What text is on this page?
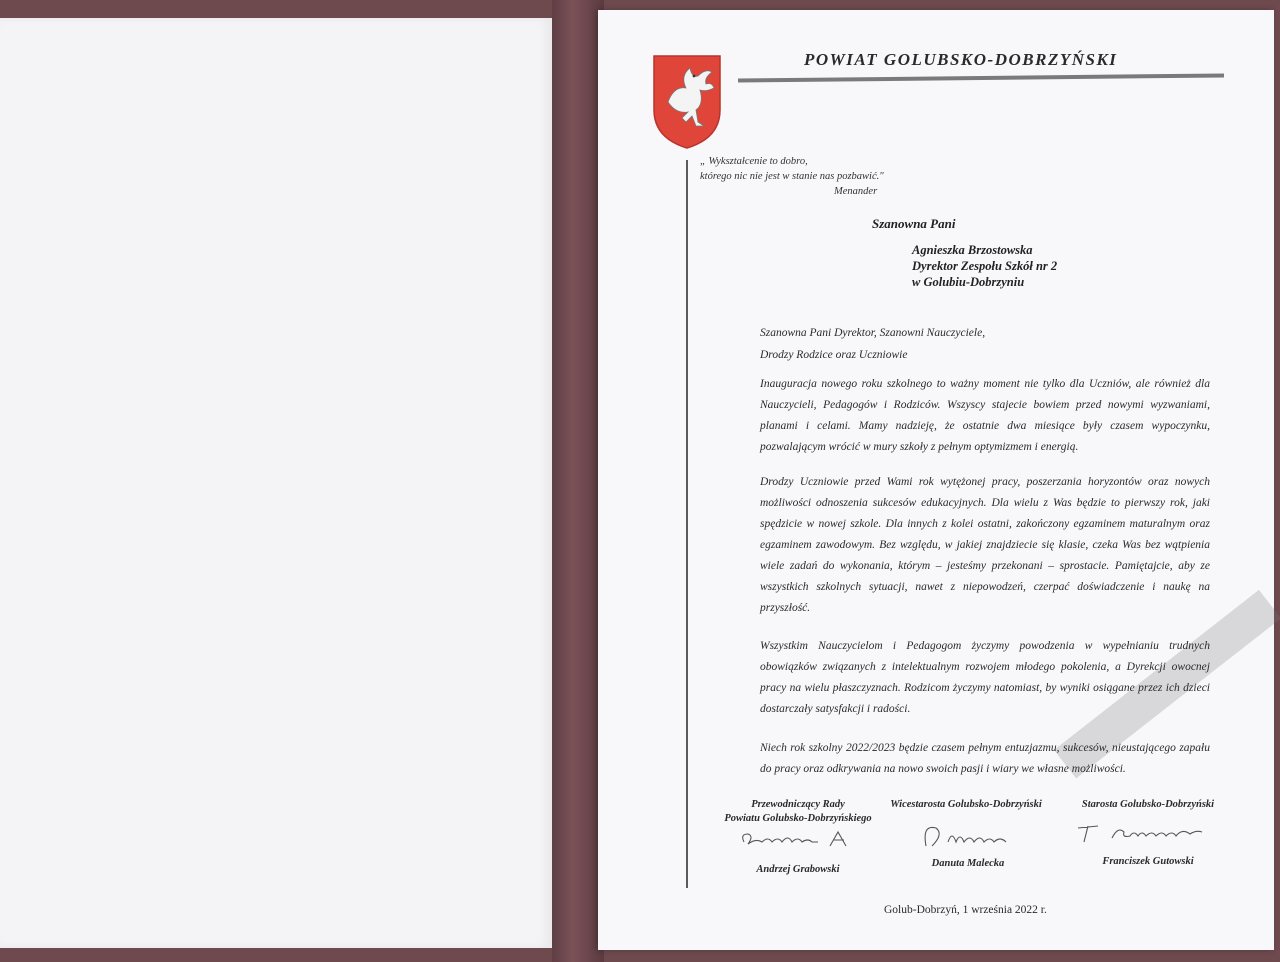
POWIAT GOLUBSKO-DOBRZYŃSKI
„ Wykształcenie to dobro,
którego nic nie jest w stanie nas pozbawić."
Menander
Szanowna Pani
Agnieszka Brzostowska
Dyrektor Zespołu Szkół nr 2
w Golubiu-Dobrzyniu
Szanowna Pani Dyrektor, Szanowni Nauczyciele,
Drodzy Rodzice oraz Uczniowie
Inauguracja nowego roku szkolnego to ważny moment nie tylko dla Uczniów, ale również dla Nauczycieli, Pedagogów i Rodziców. Wszyscy stajecie bowiem przed nowymi wyzwaniami, planami i celami. Mamy nadzieję, że ostatnie dwa miesiące były czasem wypoczynku, pozwalającym wrócić w mury szkoły z pełnym optymizmem i energią.
Drodzy Uczniowie przed Wami rok wytężonej pracy, poszerzania horyzontów oraz nowych możliwości odnoszenia sukcesów edukacyjnych. Dla wielu z Was będzie to pierwszy rok, jaki spędzicie w nowej szkole. Dla innych z kolei ostatni, zakończony egzaminem maturalnym oraz egzaminem zawodowym. Bez względu, w jakiej znajdziecie się klasie, czeka Was bez wątpienia wiele zadań do wykonania, którym – jesteśmy przekonani – sprostacie. Pamiętajcie, aby ze wszystkich szkolnych sytuacji, nawet z niepowodzeń, czerpać doświadczenie i naukę na przyszłość.
Wszystkim Nauczycielom i Pedagogom życzymy powodzenia w wypełnianiu trudnych obowiązków związanych z intelektualnym rozwojem młodego pokolenia, a Dyrekcji owocnej pracy na wielu płaszczyznach. Rodzicom życzymy natomiast, by wyniki osiągane przez ich dzieci dostarczały satysfakcji i radości.
Niech rok szkolny 2022/2023 będzie czasem pełnym entuzjazmu, sukcesów, nieustającego zapału do pracy oraz odkrywania na nowo swoich pasji i wiary we własne możliwości.
Przewodniczący Rady
Powiatu Golubsko-Dobrzyńskiego
Wicestarosta Golubsko-Dobrzyński	Starosta Golubsko-Dobrzyński
Andrzej Grabowski
Danuta Malecka	Franciszek Gutowski
Golub-Dobrzyń, 1 września 2022 r.
